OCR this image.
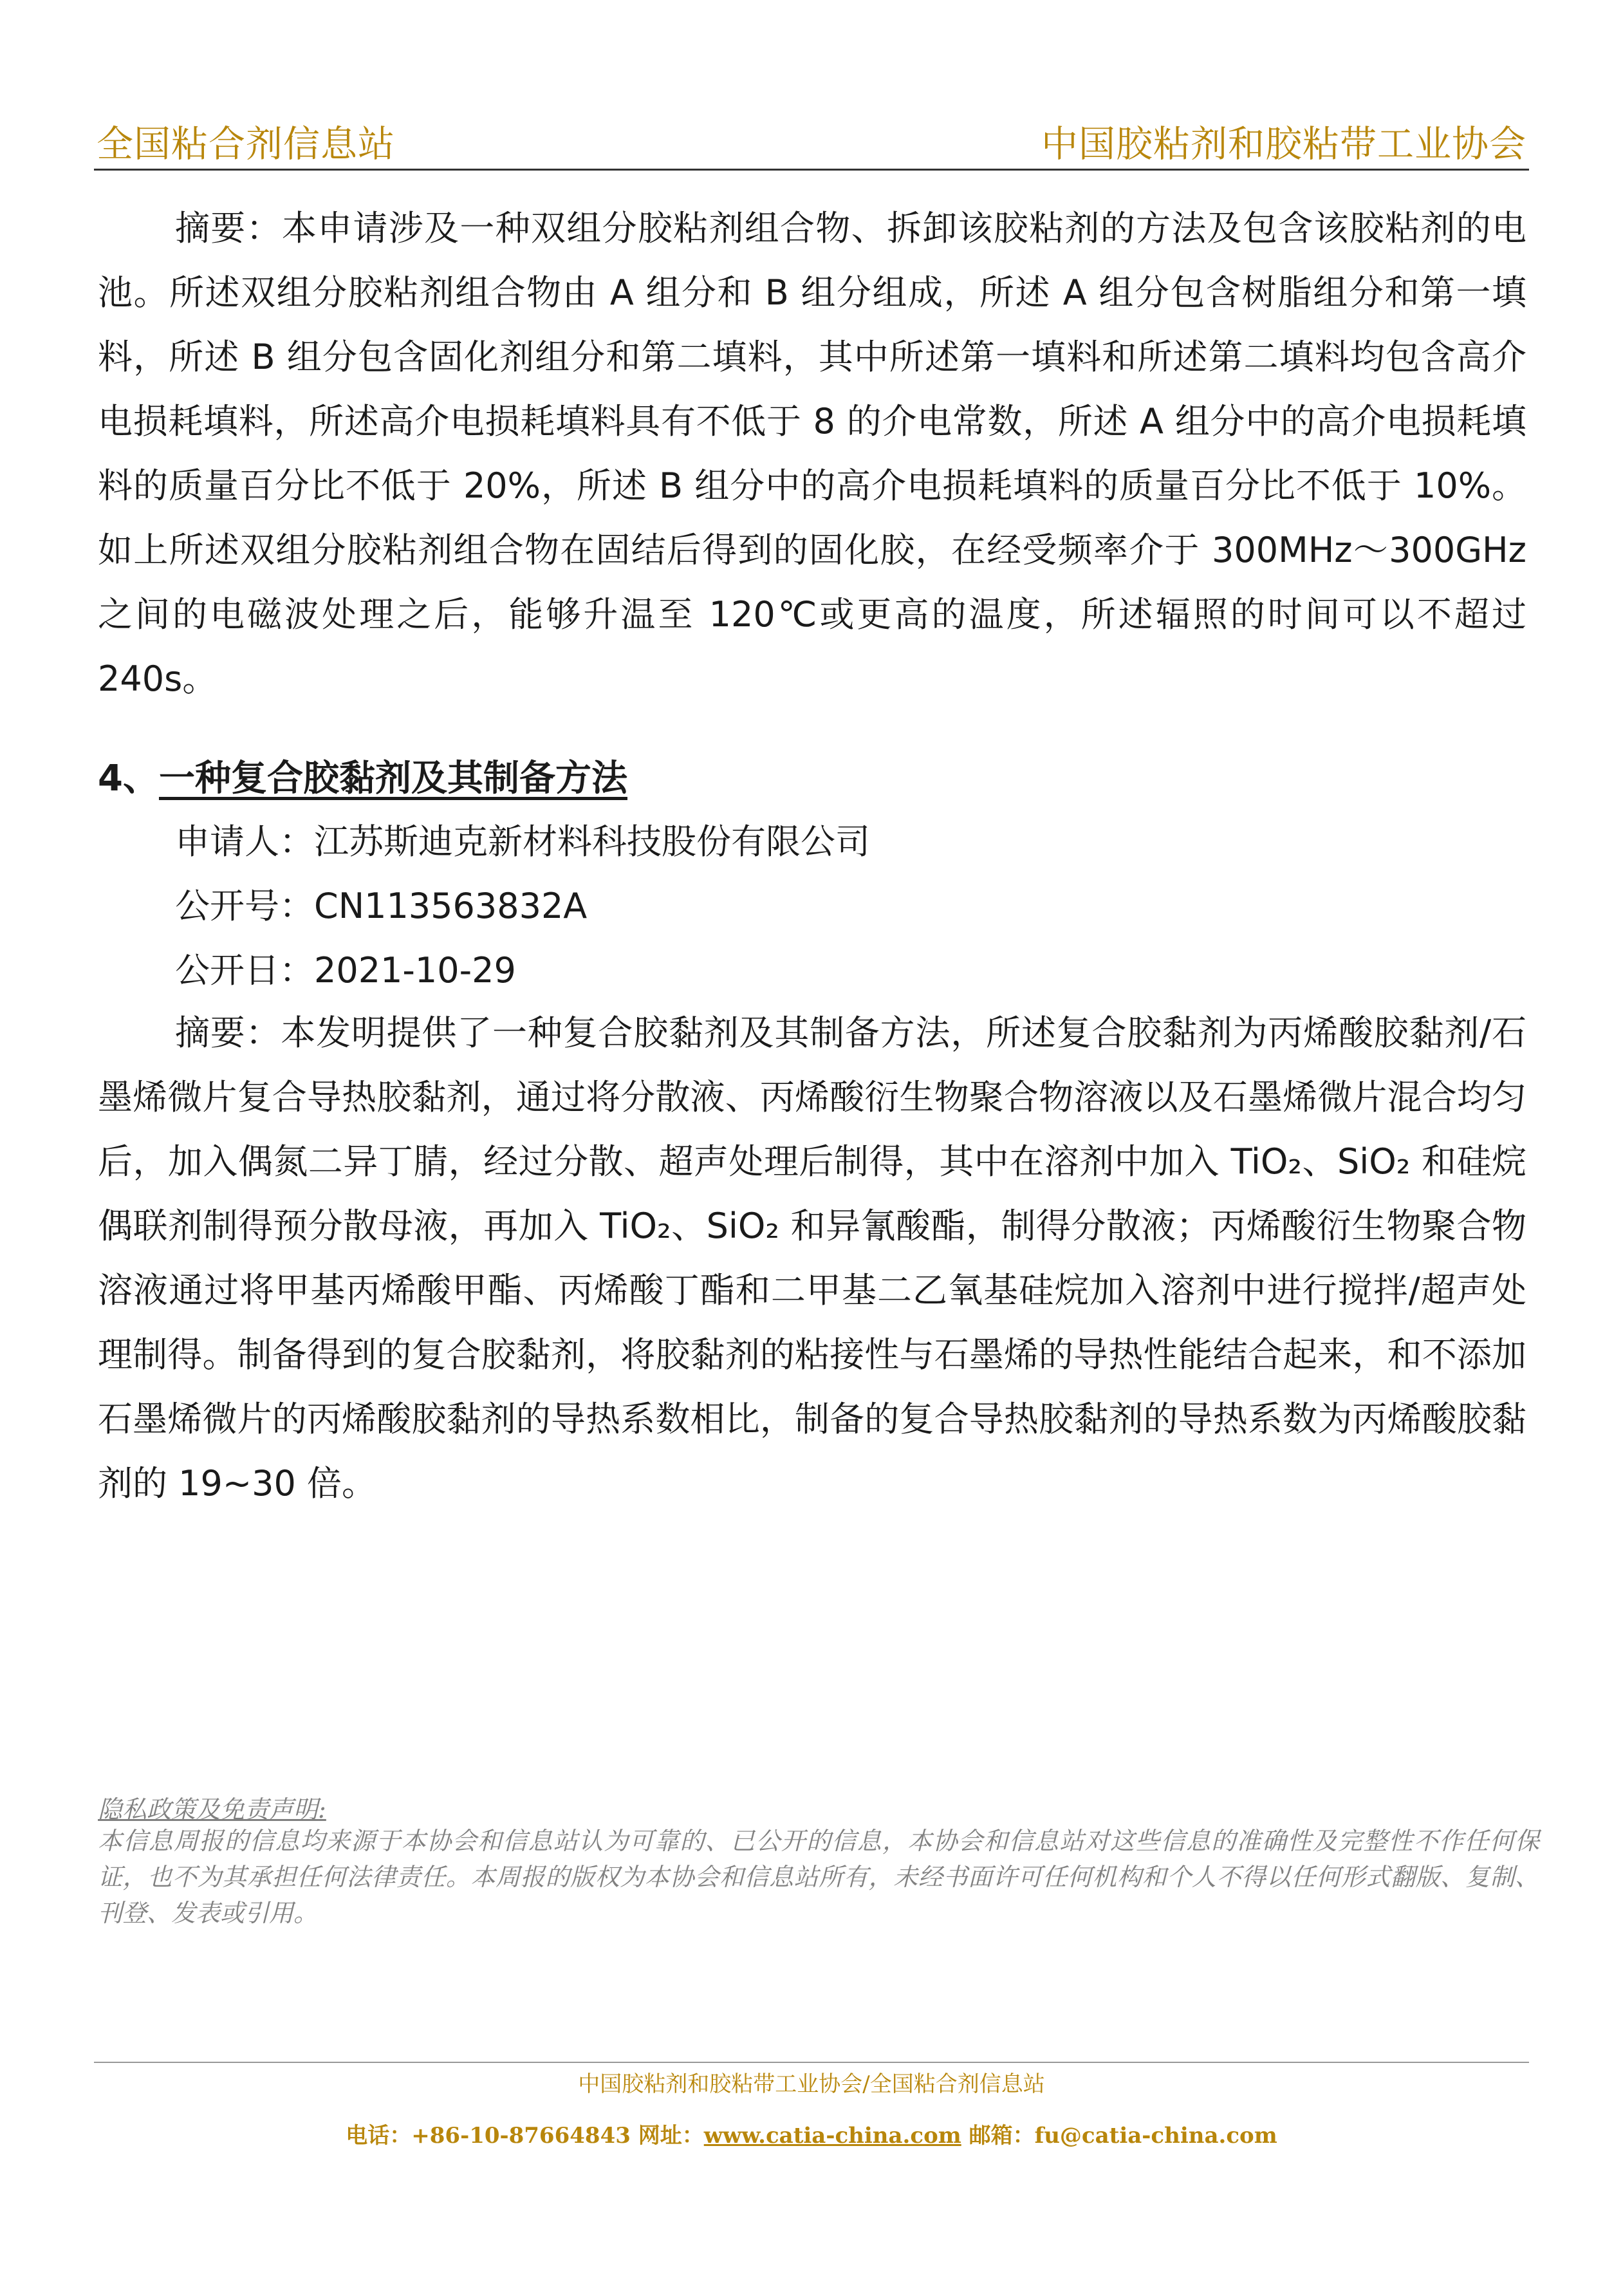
全国粘合剂信息站	中国胶粘剂和胶粘带工业协会

摘要：本申请涉及一种双组分胶粘剂组合物、拆卸该胶粘剂的方法及包含该胶粘剂的电池。所述双组分胶粘剂组合物由 A 组分和 B 组分组成，所述 A 组分包含树脂组分和第一填料，所述 B 组分包含固化剂组分和第二填料，其中所述第一填料和所述第二填料均包含高介电损耗填料，所述高介电损耗填料具有不低于 8 的介电常数，所述 A 组分中的高介电损耗填料的质量百分比不低于 20%，所述 B 组分中的高介电损耗填料的质量百分比不低于 10%。如上所述双组分胶粘剂组合物在固结后得到的固化胶，在经受频率介于 300MHz～300GHz 之间的电磁波处理之后，能够升温至 120℃或更高的温度，所述辐照的时间可以不超过 240s。

4、一种复合胶黏剂及其制备方法
申请人：江苏斯迪克新材料科技股份有限公司
公开号：CN113563832A
公开日：2021-10-29

摘要：本发明提供了一种复合胶黏剂及其制备方法，所述复合胶黏剂为丙烯酸胶黏剂/石墨烯微片复合导热胶黏剂，通过将分散液、丙烯酸衍生物聚合物溶液以及石墨烯微片混合均匀后，加入偶氮二异丁腈，经过分散、超声处理后制得，其中在溶剂中加入 TiO₂、SiO₂ 和硅烷偶联剂制得预分散母液，再加入 TiO₂、SiO₂ 和异氰酸酯，制得分散液；丙烯酸衍生物聚合物溶液通过将甲基丙烯酸甲酯、丙烯酸丁酯和二甲基二乙氧基硅烷加入溶剂中进行搅拌/超声处理制得。制备得到的复合胶黏剂，将胶黏剂的粘接性与石墨烯的导热性能结合起来，和不添加石墨烯微片的丙烯酸胶黏剂的导热系数相比，制备的复合导热胶黏剂的导热系数为丙烯酸胶黏剂的 19~30 倍。

隐私政策及免责声明:
本信息周报的信息均来源于本协会和信息站认为可靠的、已公开的信息，本协会和信息站对这些信息的准确性及完整性不作任何保证，也不为其承担任何法律责任。本周报的版权为本协会和信息站所有，未经书面许可任何机构和个人不得以任何形式翻版、复制、刊登、发表或引用。
中国胶粘剂和胶粘带工业协会/全国粘合剂信息站
电话：+86-10-87664843 网址：www.catia-china.com 邮箱：fu@catia-china.com
